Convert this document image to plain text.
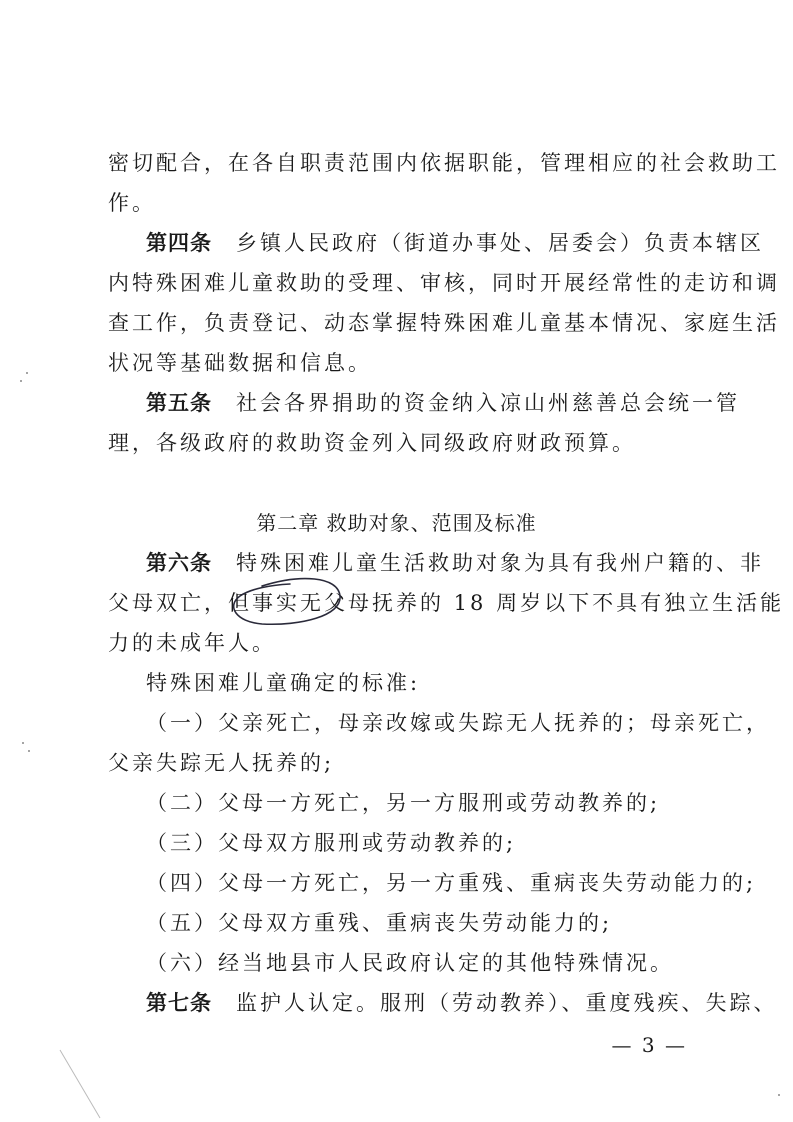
密切配合，在各自职责范围内依据职能，管理相应的社会救助工
作。
第四条 乡镇人民政府（街道办事处、居委会）负责本辖区
内特殊困难儿童救助的受理、审核，同时开展经常性的走访和调
查工作，负责登记、动态掌握特殊困难儿童基本情况、家庭生活
状况等基础数据和信息。
第五条 社会各界捐助的资金纳入凉山州慈善总会统一管
理，各级政府的救助资金列入同级政府财政预算。
第二章 救助对象、范围及标准
第六条 特殊困难儿童生活救助对象为具有我州户籍的、非
父母双亡，但事实无父母抚养的 18 周岁以下不具有独立生活能
力的未成年人。
特殊困难儿童确定的标准:
（一）父亲死亡，母亲改嫁或失踪无人抚养的；母亲死亡，
父亲失踪无人抚养的;
（二）父母一方死亡，另一方服刑或劳动教养的;
（三）父母双方服刑或劳动教养的;
（四）父母一方死亡，另一方重残、重病丧失劳动能力的;
（五）父母双方重残、重病丧失劳动能力的;
（六）经当地县市人民政府认定的其他特殊情况。
第七条 监护人认定。服刑（劳动教养）、重度残疾、失踪、
— 3 —
